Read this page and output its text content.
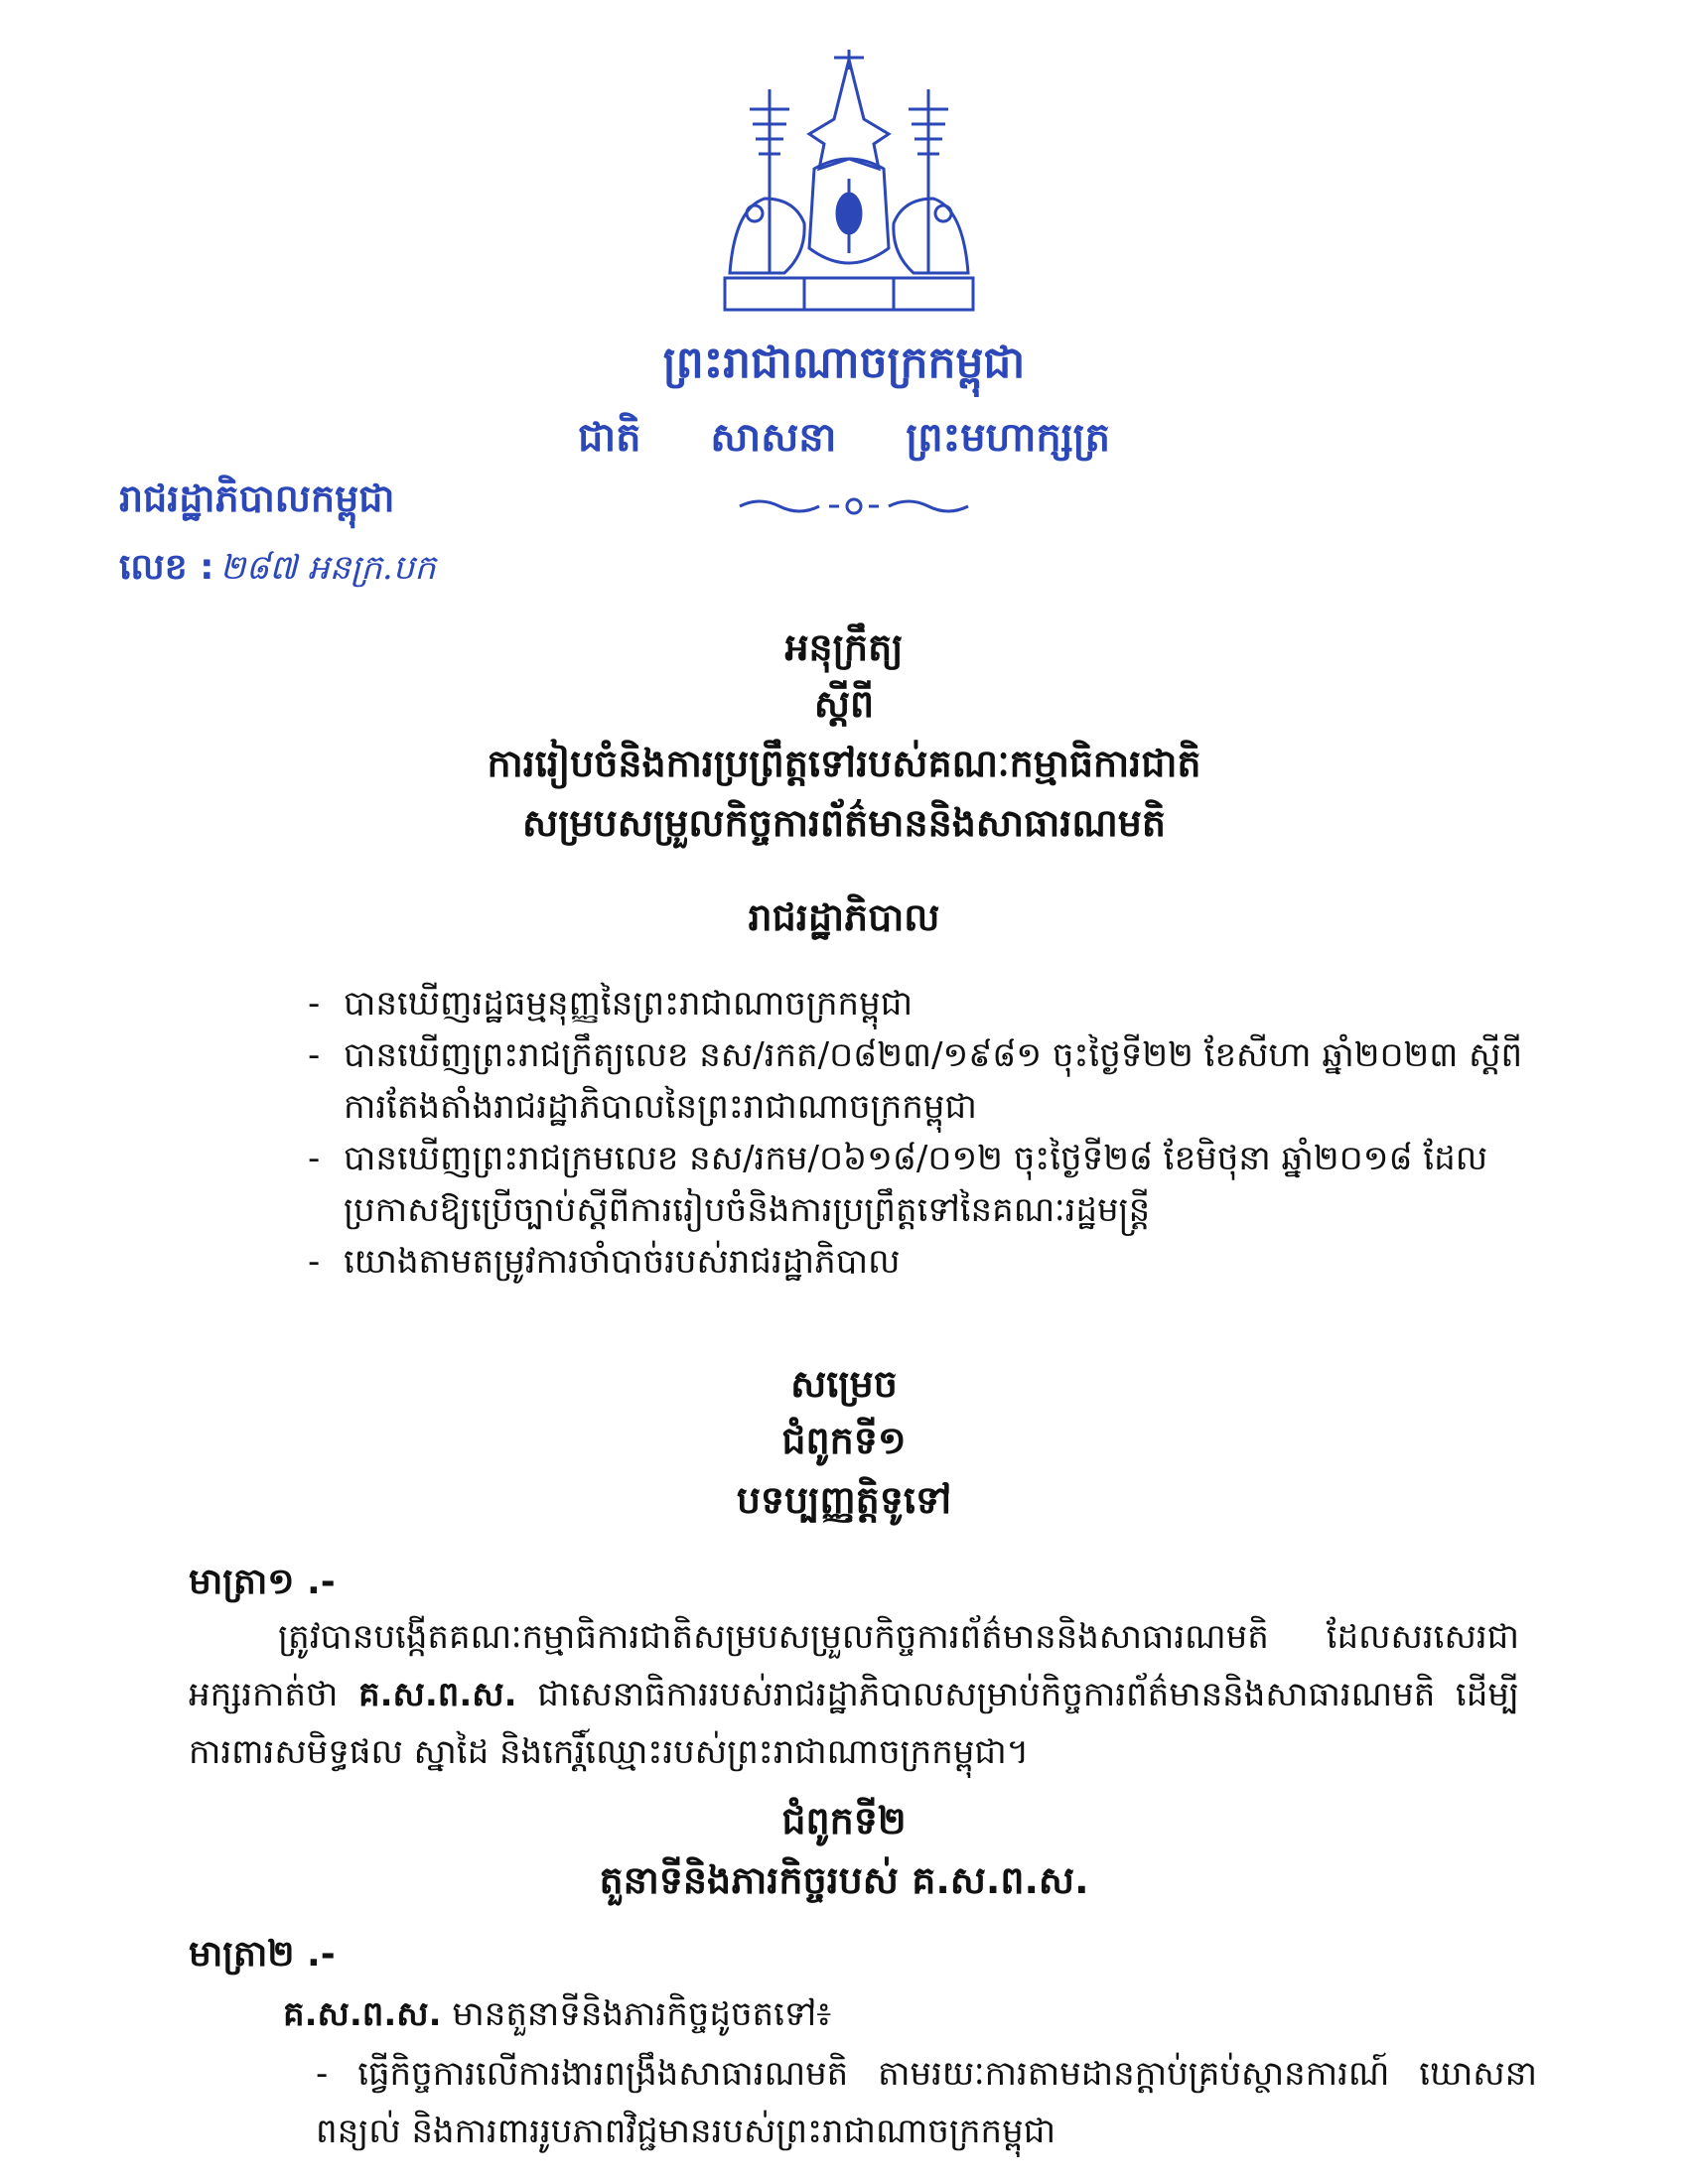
ព្រះរាជាណាចក្រកម្ពុជា
ជាតិ សាសនា ព្រះមហាក្សត្រ
រាជរដ្ឋាភិបាលកម្ពុជា
លេខ : ២៨៧ អនក្រ.បក
អនុក្រឹត្យ
ស្ដីពី
ការរៀបចំនិងការប្រព្រឹត្តទៅរបស់គណៈកម្មាធិការជាតិ
សម្របសម្រួលកិច្ចការព័ត៌មាននិងសាធារណមតិ
រាជរដ្ឋាភិបាល
- បានឃើញរដ្ឋធម្មនុញ្ញនៃព្រះរាជាណាចក្រកម្ពុជា
- បានឃើញព្រះរាជក្រឹត្យលេខ នស/រកត/០៨២៣/១៩៨១ ចុះថ្ងៃទី២២ ខែសីហា ឆ្នាំ២០២៣ ស្ដីពីការតែងតាំងរាជរដ្ឋាភិបាលនៃព្រះរាជាណាចក្រកម្ពុជា
- បានឃើញព្រះរាជក្រមលេខ នស/រកម/០៦១៨/០១២ ចុះថ្ងៃទី២៨ ខែមិថុនា ឆ្នាំ២០១៨ ដែលប្រកាសឱ្យប្រើច្បាប់ស្ដីពីការរៀបចំនិងការប្រព្រឹត្តទៅនៃគណៈរដ្ឋមន្ត្រី
- យោងតាមតម្រូវការចាំបាច់របស់រាជរដ្ឋាភិបាល
សម្រេច
ជំពូកទី១
បទប្បញ្ញត្តិទូទៅ
មាត្រា១ .-
ត្រូវបានបង្កើតគណៈកម្មាធិការជាតិសម្របសម្រួលកិច្ចការព័ត៌មាននិងសាធារណមតិ ដែលសរសេរជាអក្សរកាត់ថា គ.ស.ព.ស. ជាសេនាធិការរបស់រាជរដ្ឋាភិបាលសម្រាប់កិច្ចការព័ត៌មាននិងសាធារណមតិ ដើម្បីការពារសមិទ្ធផល ស្នាដៃ និងកេរ្តិ៍ឈ្មោះរបស់ព្រះរាជាណាចក្រកម្ពុជា។
ជំពូកទី២
តួនាទីនិងភារកិច្ចរបស់ គ.ស.ព.ស.
មាត្រា២ .-
គ.ស.ព.ស. មានតួនាទីនិងភារកិច្ចដូចតទៅ៖
- ធ្វើកិច្ចការលើការងារពង្រឹងសាធារណមតិ តាមរយៈការតាមដានក្តាប់គ្រប់ស្ថានការណ៍ ឃោសនាពន្យល់ និងការពាររូបភាពវិជ្ជមានរបស់ព្រះរាជាណាចក្រកម្ពុជា
